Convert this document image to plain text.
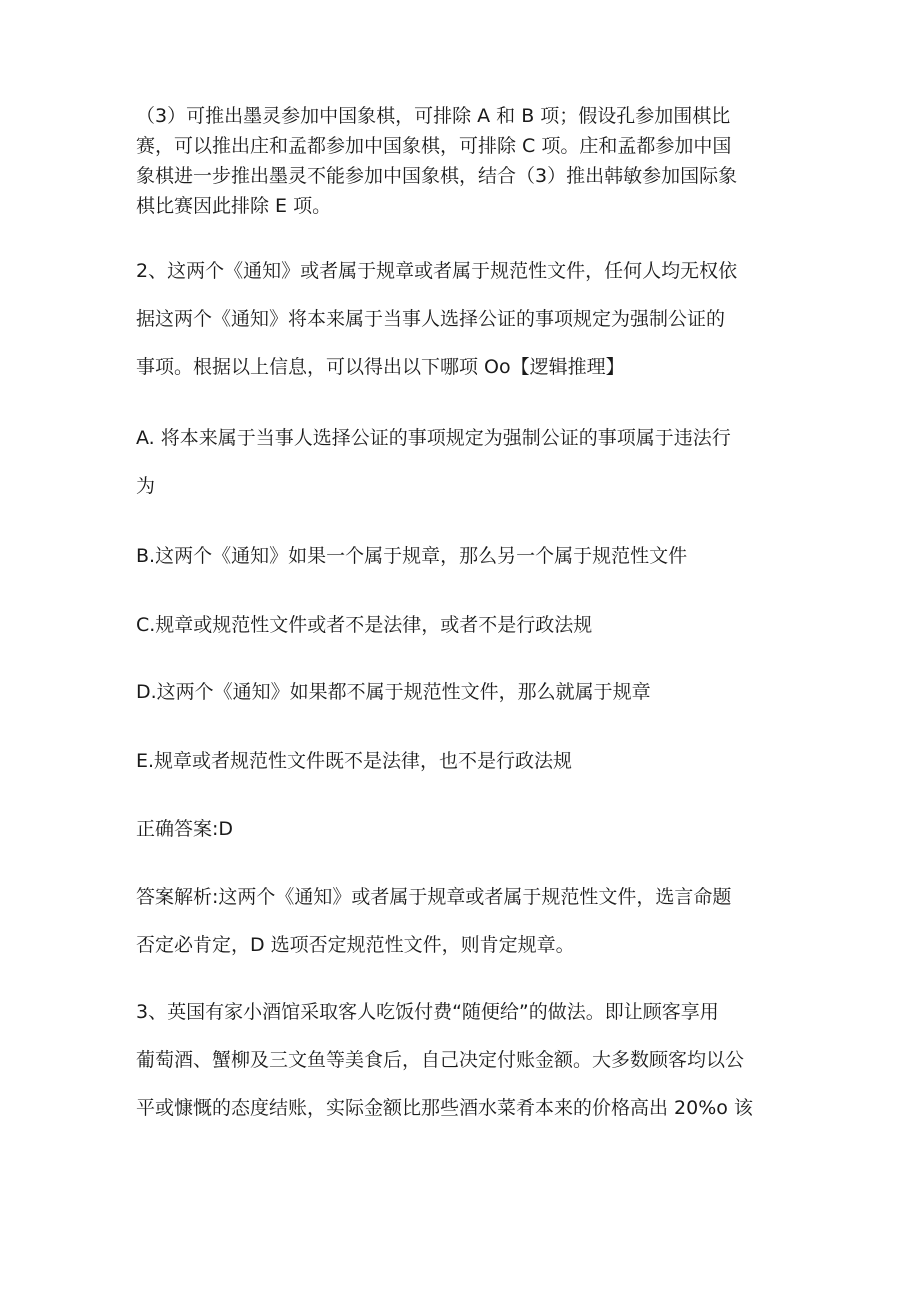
（3）可推出墨灵参加中国象棋，可排除 A 和 B 项；假设孔参加围棋比
赛，可以推出庄和孟都参加中国象棋，可排除 C 项。庄和孟都参加中国
象棋进一步推出墨灵不能参加中国象棋，结合（3）推出韩敏参加国际象
棋比赛因此排除 E 项。

2、这两个《通知》或者属于规章或者属于规范性文件，任何人均无权依
据这两个《通知》将本来属于当事人选择公证的事项规定为强制公证的
事项。根据以上信息，可以得出以下哪项 Oo【逻辑推理】

A. 将本来属于当事人选择公证的事项规定为强制公证的事项属于违法行
为

B.这两个《通知》如果一个属于规章，那么另一个属于规范性文件

C.规章或规范性文件或者不是法律，或者不是行政法规

D.这两个《通知》如果都不属于规范性文件，那么就属于规章

E.规章或者规范性文件既不是法律，也不是行政法规

正确答案:D

答案解析:这两个《通知》或者属于规章或者属于规范性文件，选言命题
否定必肯定，D 选项否定规范性文件，则肯定规章。

3、英国有家小酒馆采取客人吃饭付费“随便给”的做法。即让顾客享用
葡萄酒、蟹柳及三文鱼等美食后，自己决定付账金额。大多数顾客均以公
平或慷慨的态度结账，实际金额比那些酒水菜肴本来的价格高出 20%o 该
